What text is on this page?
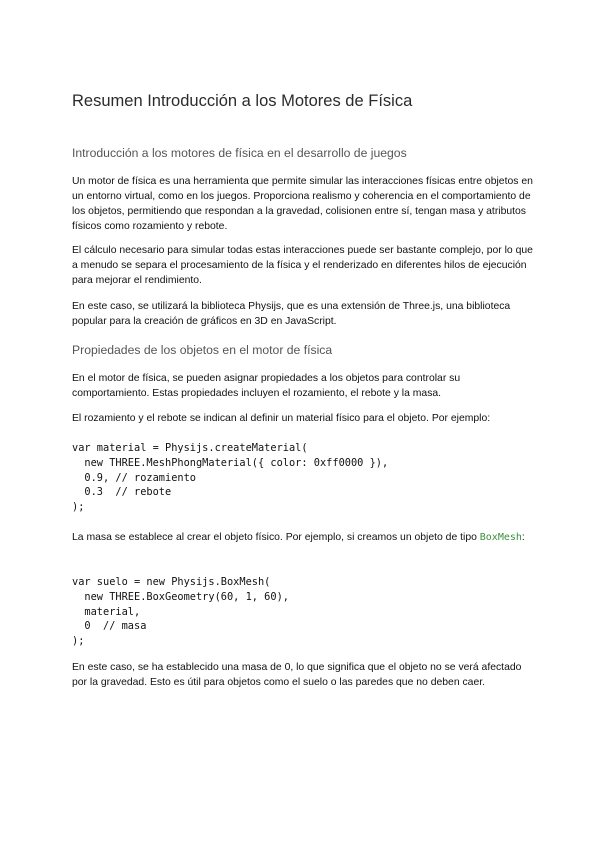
Resumen Introducción a los Motores de Física
Introducción a los motores de física en el desarrollo de juegos

Un motor de física es una herramienta que permite simular las interacciones físicas entre objetos en un entorno virtual, como en los juegos. Proporciona realismo y coherencia en el comportamiento de los objetos, permitiendo que respondan a la gravedad, colisionen entre sí, tengan masa y atributos físicos como rozamiento y rebote.

El cálculo necesario para simular todas estas interacciones puede ser bastante complejo, por lo que a menudo se separa el procesamiento de la física y el renderizado en diferentes hilos de ejecución para mejorar el rendimiento.

En este caso, se utilizará la biblioteca Physijs, que es una extensión de Three.js, una biblioteca popular para la creación de gráficos en 3D en JavaScript.

Propiedades de los objetos en el motor de física

En el motor de física, se pueden asignar propiedades a los objetos para controlar su comportamiento. Estas propiedades incluyen el rozamiento, el rebote y la masa.

El rozamiento y el rebote se indican al definir un material físico para el objeto. Por ejemplo:

var material = Physijs.createMaterial(
new THREE.MeshPhongMaterial({ color: 0xff0000 }),
0.9, // rozamiento
0.3  // rebote
);

La masa se establece al crear el objeto físico. Por ejemplo, si creamos un objeto de tipo BoxMesh:

var suelo = new Physijs.BoxMesh(
new THREE.BoxGeometry(60, 1, 60),
material,
0  // masa
);

En este caso, se ha establecido una masa de 0, lo que significa que el objeto no se verá afectado por la gravedad. Esto es útil para objetos como el suelo o las paredes que no deben caer.
